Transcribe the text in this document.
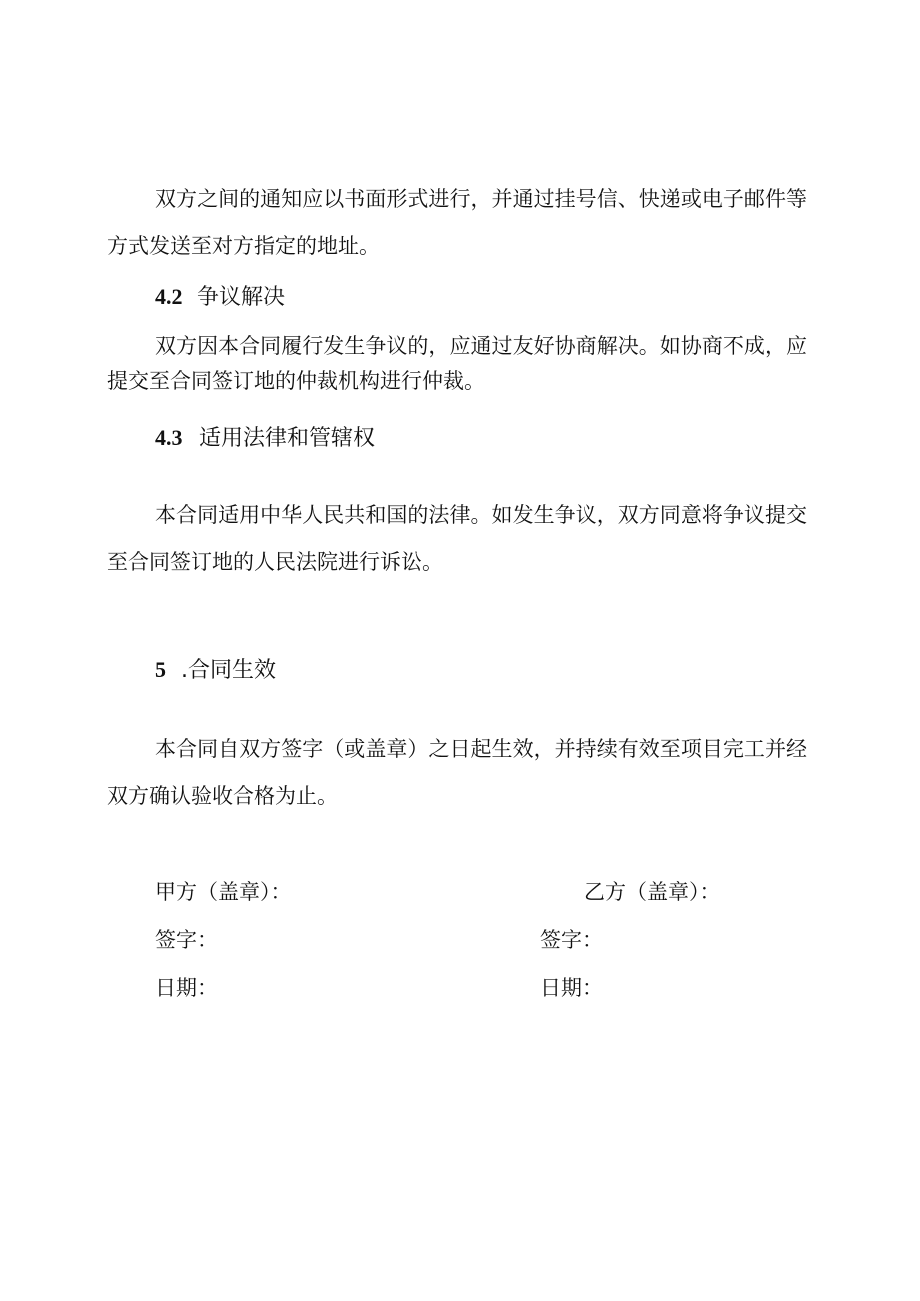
双方之间的通知应以书面形式进行，并通过挂号信、快递或电子邮件等方式发送至对方指定的地址。

4.2 争议解决

双方因本合同履行发生争议的，应通过友好协商解决。如协商不成，应提交至合同签订地的仲裁机构进行仲裁。

4.3 适用法律和管辖权

本合同适用中华人民共和国的法律。如发生争议，双方同意将争议提交至合同签订地的人民法院进行诉讼。

5 .合同生效

本合同自双方签字（或盖章）之日起生效，并持续有效至项目完工并经双方确认验收合格为止。

甲方（盖章）：	乙方（盖章）：
签字：	签字：
日期：	日期：
